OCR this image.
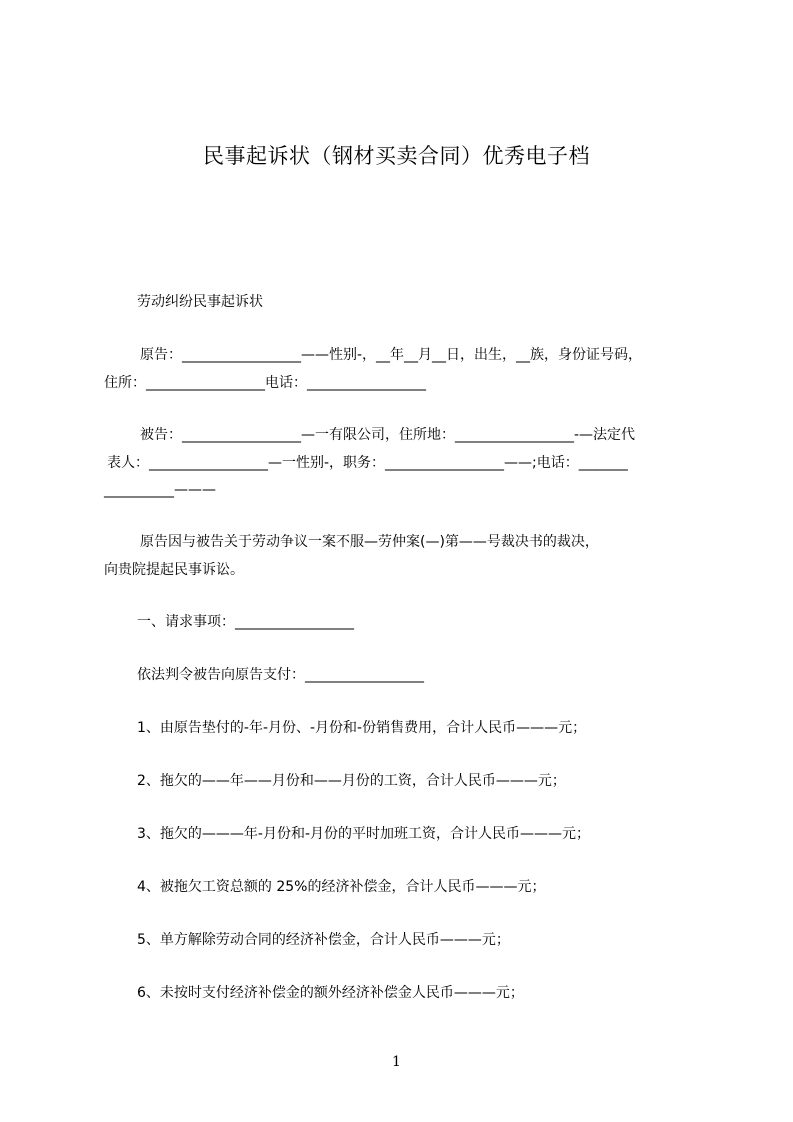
民事起诉状（钢材买卖合同）优秀电子档
劳动纠纷民事起诉状
原告：_________________——性别-，__年__月__日，出生，__族，身份证号码，
住所：_________________电话：_________________
被告：_________________—一有限公司，住所地：_________________-—法定代
表人：_________________—一性别-，职务：_________________——;电话：_______
__________———
原告因与被告关于劳动争议一案不服—劳仲案(—)第——号裁决书的裁决，
向贵院提起民事诉讼。
一、请求事项：_________________
依法判令被告向原告支付：_________________
1、由原告垫付的-年-月份、-月份和-份销售费用，合计人民币———元；
2、拖欠的——年——月份和——月份的工资，合计人民币———元；
3、拖欠的———年-月份和-月份的平时加班工资，合计人民币———元；
4、被拖欠工资总额的 25%的经济补偿金，合计人民币———元；
5、单方解除劳动合同的经济补偿金，合计人民币———元；
6、未按时支付经济补偿金的额外经济补偿金人民币———元；
1
